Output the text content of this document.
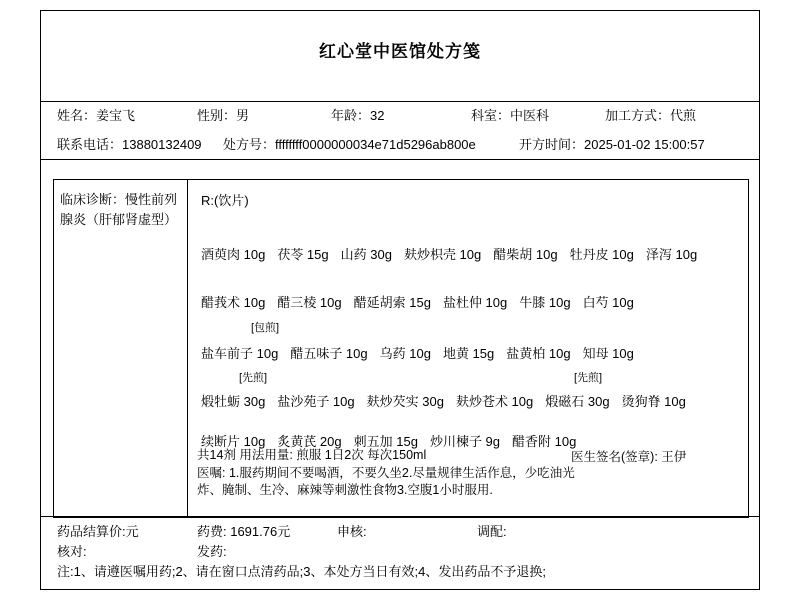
红心堂中医馆处方笺
姓名：姜宝飞	性别：男	年龄：32	科室：中医科	加工方式：代煎
联系电话：13880132409 处方号：ffffffff0000000034e71d5296ab800e	开方时间：2025-01-02 15:00:57
临床诊断：慢性前列腺炎（肝郁肾虚型）
R:(饮片)
酒萸肉 10g 茯苓 15g 山药 30g 麸炒枳壳 10g 醋柴胡 10g 牡丹皮 10g 泽泻 10g
醋莪术 10g 醋三棱 10g 醋延胡索 15g 盐杜仲 10g 牛膝 10g 白芍 10g
[包煎]
盐车前子 10g 醋五味子 10g 乌药 10g 地黄 15g 盐黄柏 10g 知母 10g
[先煎]	[先煎]
煅牡蛎 30g 盐沙苑子 10g 麸炒芡实 30g 麸炒苍术 10g 煅磁石 30g 烫狗脊 10g
续断片 10g 炙黄芪 20g 刺五加 15g 炒川楝子 9g 醋香附 10g
共14剂 用法用量: 煎服 1日2次 每次150ml	医生签名(签章): 王伊
医嘱: 1.服药期间不要喝酒，不要久坐2.尽量规律生活作息，少吃油光
炸、腌制、生冷、麻辣等刺激性食物3.空腹1小时服用.
药品结算价:元	药费: 1691.76元	申核:	调配:
核对:	发药:
注:1、请遵医嘱用药;2、请在窗口点清药品;3、本处方当日有效;4、发出药品不予退换;
